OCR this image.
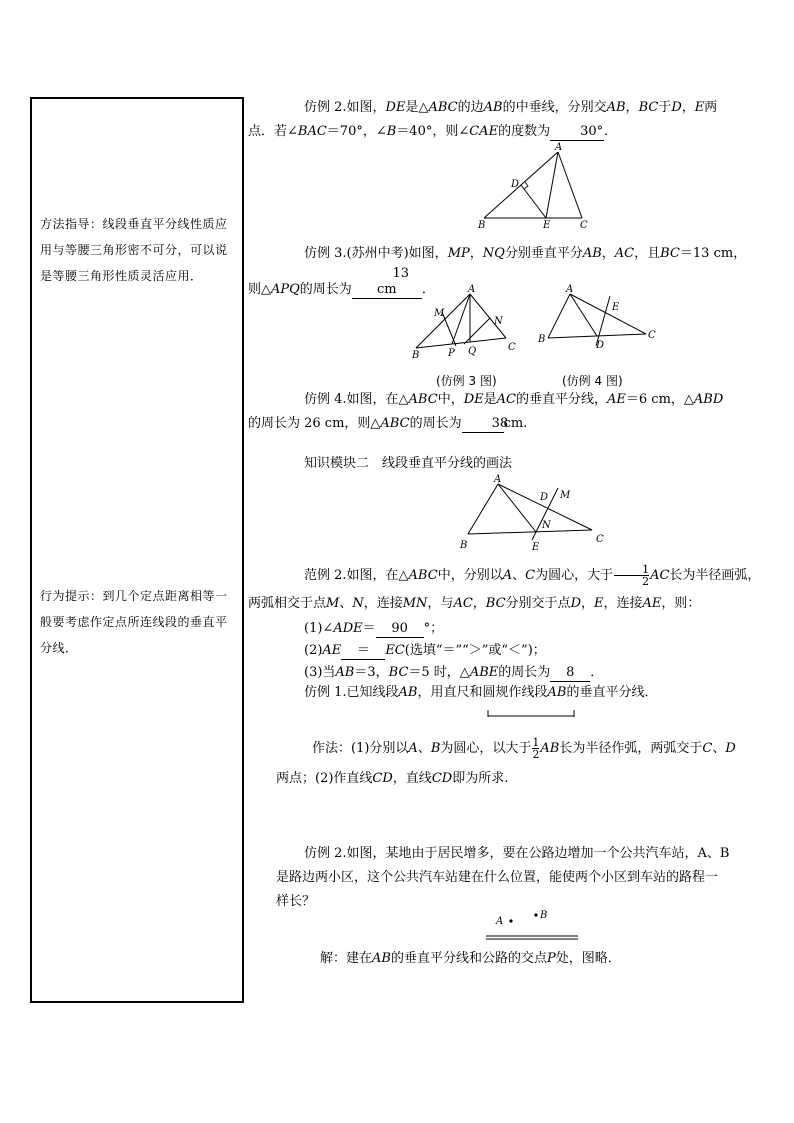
方法指导：线段垂直平分线性质应用与等腰三角形密不可分，可以说是等腰三角形性质灵活应用．
行为提示：到几个定点距离相等一般要考虑作定点所连线段的垂直平分线．
仿例 2.如图，DE是△ABC的边AB的中垂线，分别交AB，BC于D，E两
点．若∠BAC＝70°，∠B＝40°，则∠CAE的度数为 30°．
A
D
B	E	C
仿例 3.(苏州中考)如图，MP，NQ分别垂直平分AB，AC，且BC＝13 cm，
则△APQ的周长为13 cm ．	A
M
N
B	P Q	C
A
E
B
D
C
(仿例 3 图)	(仿例 4 图)
仿例 4.如图，在△ABC中，DE是AC的垂直平分线，AE＝6 cm，△ABD
的周长为 26 cm，则△ABC的周长为 38cm.
知识模块二　线段垂直平分线的画法
A
D M
N
B	E
C
范例 2.如图，在△ABC中，分别以A、C为圆心，大于 $\frac{1}{2}$ AC长为半径画弧，
两弧相交于点M、N，连接MN，与AC，BC分别交于点D，E，连接AE，则：
(1)∠ADE＝ 90 °；
(2)AE ＝ EC(选填“＝”“＞”或“＜”)；
(3)当AB＝3，BC＝5 时，△ABE的周长为 8 ．
仿例 1.已知线段AB，用直尺和圆规作线段AB的垂直平分线．
作法：(1)分别以A、B为圆心，以大于 $\frac{1}{2}$ AB长为半径作弧，两弧交于C、D
两点；(2)作直线CD，直线CD即为所求.
仿例 2.如图，某地由于居民增多，要在公路边增加一个公共汽车站，A、B
是路边两小区，这个公共汽车站建在什么位置，能使两个小区到车站的路程一
样长？
A
B
解：建在AB的垂直平分线和公路的交点P处，图略．
